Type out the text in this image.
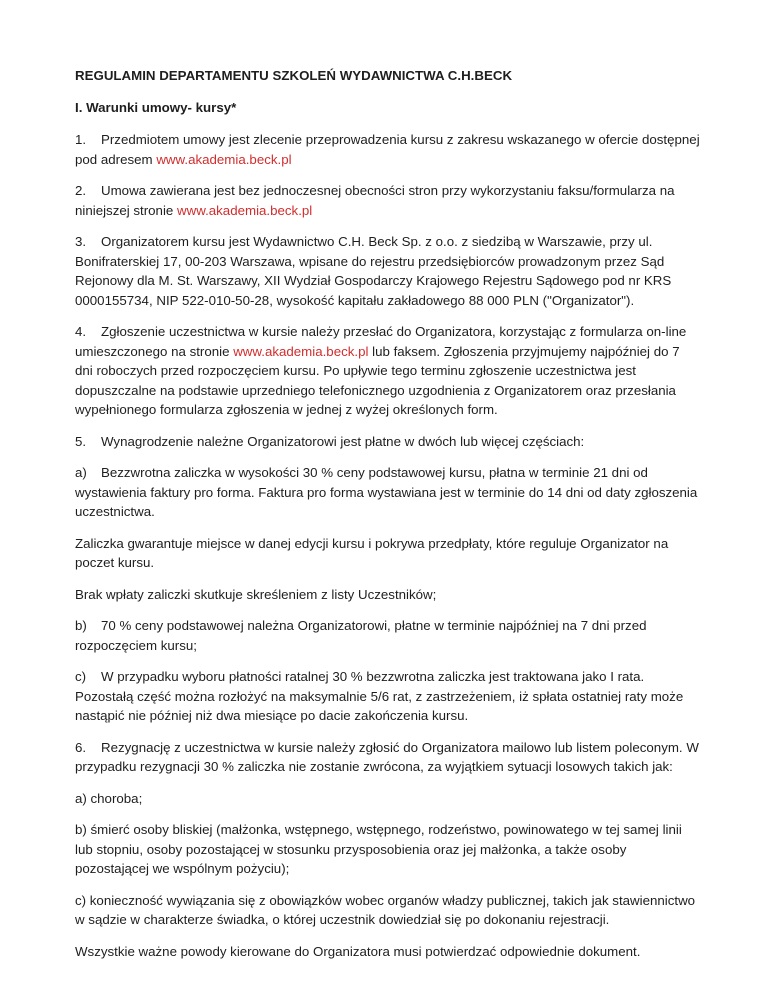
REGULAMIN DEPARTAMENTU SZKOLEŃ WYDAWNICTWA C.H.BECK
I. Warunki umowy- kursy*
1. Przedmiotem umowy jest zlecenie przeprowadzenia kursu z zakresu wskazanego w ofercie dostępnej pod adresem www.akademia.beck.pl
2. Umowa zawierana jest bez jednoczesnej obecności stron przy wykorzystaniu faksu/formularza na niniejszej stronie www.akademia.beck.pl
3. Organizatorem kursu jest Wydawnictwo C.H. Beck Sp. z o.o. z siedzibą w Warszawie, przy ul. Bonifraterskiej 17, 00-203 Warszawa, wpisane do rejestru przedsiębiorców prowadzonym przez Sąd Rejonowy dla M. St. Warszawy, XII Wydział Gospodarczy Krajowego Rejestru Sądowego pod nr KRS 0000155734, NIP 522-010-50-28, wysokość kapitału zakładowego 88 000 PLN ("Organizator").
4. Zgłoszenie uczestnictwa w kursie należy przesłać do Organizatora, korzystając z formularza on-line umieszczonego na stronie www.akademia.beck.pl lub faksem. Zgłoszenia przyjmujemy najpóźniej do 7 dni roboczych przed rozpoczęciem kursu. Po upływie tego terminu zgłoszenie uczestnictwa jest dopuszczalne na podstawie uprzedniego telefonicznego uzgodnienia z Organizatorem oraz przesłania wypełnionego formularza zgłoszenia w jednej z wyżej określonych form.
5. Wynagrodzenie należne Organizatorowi jest płatne w dwóch lub więcej częściach:
a) Bezzwrotna zaliczka w wysokości 30 % ceny podstawowej kursu, płatna w terminie 21 dni od wystawienia faktury pro forma. Faktura pro forma wystawiana jest w terminie do 14 dni od daty zgłoszenia uczestnictwa.
Zaliczka gwarantuje miejsce w danej edycji kursu i pokrywa przedpłaty, które reguluje Organizator na poczet kursu.
Brak wpłaty zaliczki skutkuje skreśleniem z listy Uczestników;
b) 70 % ceny podstawowej należna Organizatorowi, płatne w terminie najpóźniej na 7 dni przed rozpoczęciem kursu;
c) W przypadku wyboru płatności ratalnej 30 % bezzwrotna zaliczka jest traktowana jako I rata. Pozostałą część można rozłożyć na maksymalnie 5/6 rat, z zastrzeżeniem, iż spłata ostatniej raty może nastąpić nie później niż dwa miesiące po dacie zakończenia kursu.
6. Rezygnację z uczestnictwa w kursie należy zgłosić do Organizatora mailowo lub listem poleconym. W przypadku rezygnacji 30 % zaliczka nie zostanie zwrócona, za wyjątkiem sytuacji losowych takich jak:
a) choroba;
b) śmierć osoby bliskiej (małżonka, wstępnego, wstępnego, rodzeństwo, powinowatego w tej samej linii lub stopniu, osoby pozostającej w stosunku przysposobienia oraz jej małżonka, a także osoby pozostającej we wspólnym pożyciu);
c) konieczność wywiązania się z obowiązków wobec organów władzy publicznej, takich jak stawiennictwo w sądzie w charakterze świadka, o której uczestnik dowiedział się po dokonaniu rejestracji.
Wszystkie ważne powody kierowane do Organizatora musi potwierdzać odpowiednie dokument.
